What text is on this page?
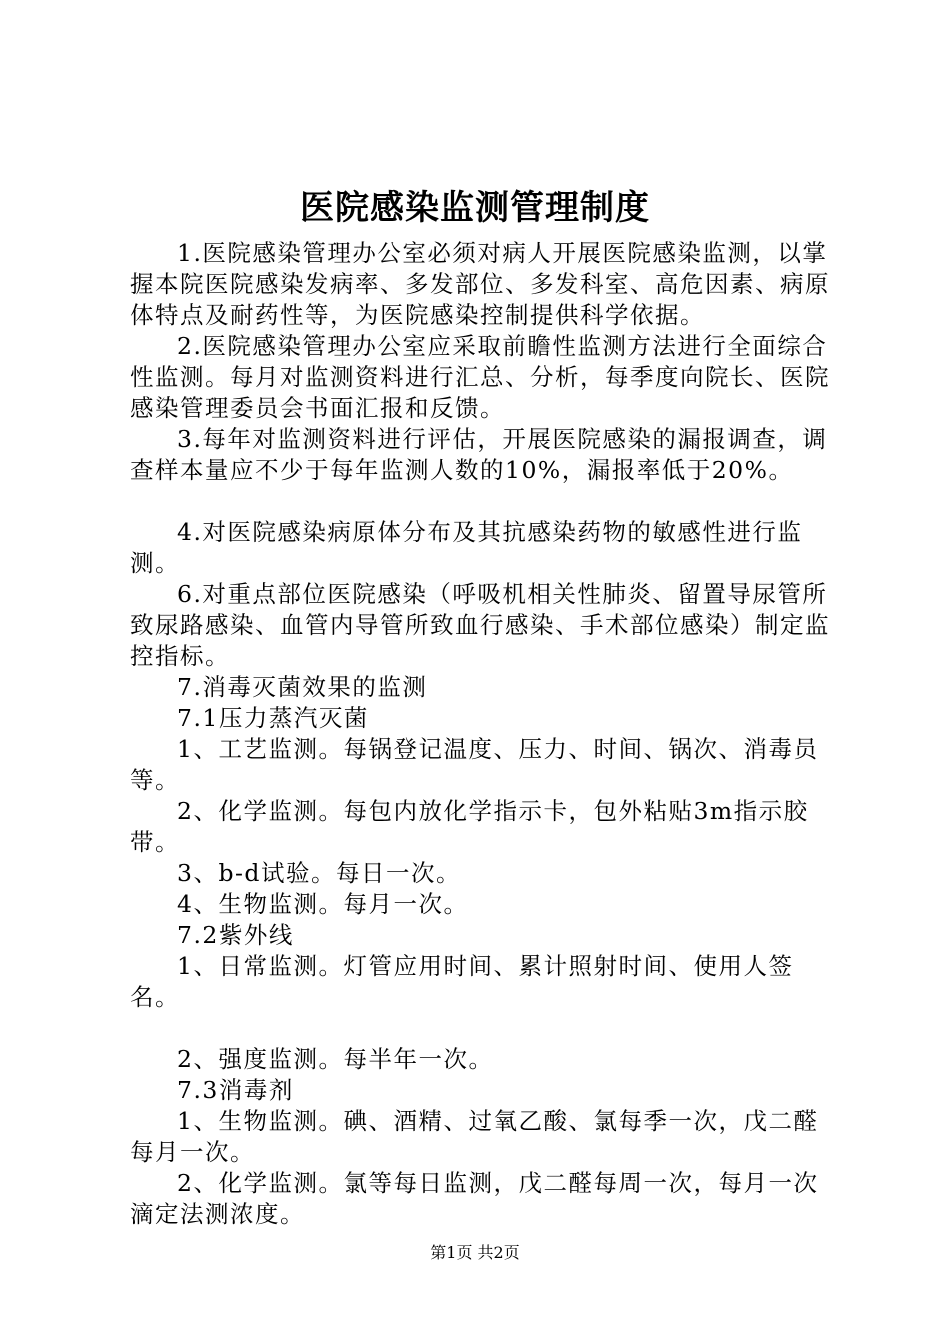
医院感染监测管理制度

1.医院感染管理办公室必须对病人开展医院感染监测，以掌握本院医院感染发病率、多发部位、多发科室、高危因素、病原体特点及耐药性等，为医院感染控制提供科学依据。

2.医院感染管理办公室应采取前瞻性监测方法进行全面综合性监测。每月对监测资料进行汇总、分析，每季度向院长、医院感染管理委员会书面汇报和反馈。

3.每年对监测资料进行评估，开展医院感染的漏报调查，调查样本量应不少于每年监测人数的10%，漏报率低于20%。

4.对医院感染病原体分布及其抗感染药物的敏感性进行监测。

6.对重点部位医院感染（呼吸机相关性肺炎、留置导尿管所致尿路感染、血管内导管所致血行感染、手术部位感染）制定监控指标。

7.消毒灭菌效果的监测

7.1压力蒸汽灭菌

1、工艺监测。每锅登记温度、压力、时间、锅次、消毒员等。

2、化学监测。每包内放化学指示卡，包外粘贴3m指示胶带。

3、b-d试验。每日一次。

4、生物监测。每月一次。

7.2紫外线

1、日常监测。灯管应用时间、累计照射时间、使用人签名。

2、强度监测。每半年一次。

7.3消毒剂

1、生物监测。碘、酒精、过氧乙酸、氯每季一次，戊二醛每月一次。

2、化学监测。氯等每日监测，戊二醛每周一次，每月一次滴定法测浓度。

第1页 共2页
